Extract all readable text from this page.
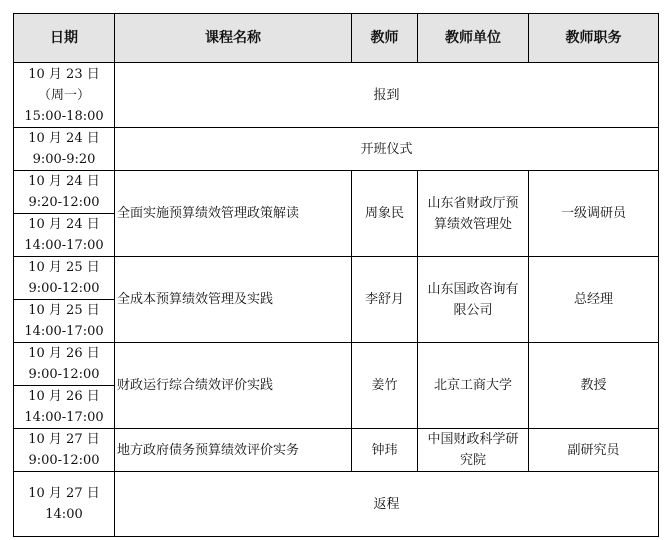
日期	课程名称	教师	教师单位	教师职务

10 月 23 日
（周一）
15:00-18:00	报到			

10 月 24 日
9:00-9:20	开班仪式			

10 月 24 日
9:20-12:00	全面实施预算绩效管理政策解读	周象民	山东省财政厅预
算绩效管理处	一级调研员

10 月 24 日
14:00-17:00				

10 月 25 日
9:00-12:00	全成本预算绩效管理及实践	李舒月	山东国政咨询有
限公司	总经理

10 月 25 日
14:00-17:00				

10 月 26 日
9:00-12:00	财政运行综合绩效评价实践	姜竹	北京工商大学	教授

10 月 26 日
14:00-17:00				

10 月 27 日
9:00-12:00	地方政府债务预算绩效评价实务	钟玮	中国财政科学研
究院	副研究员

10 月 27 日
14:00	返程			
